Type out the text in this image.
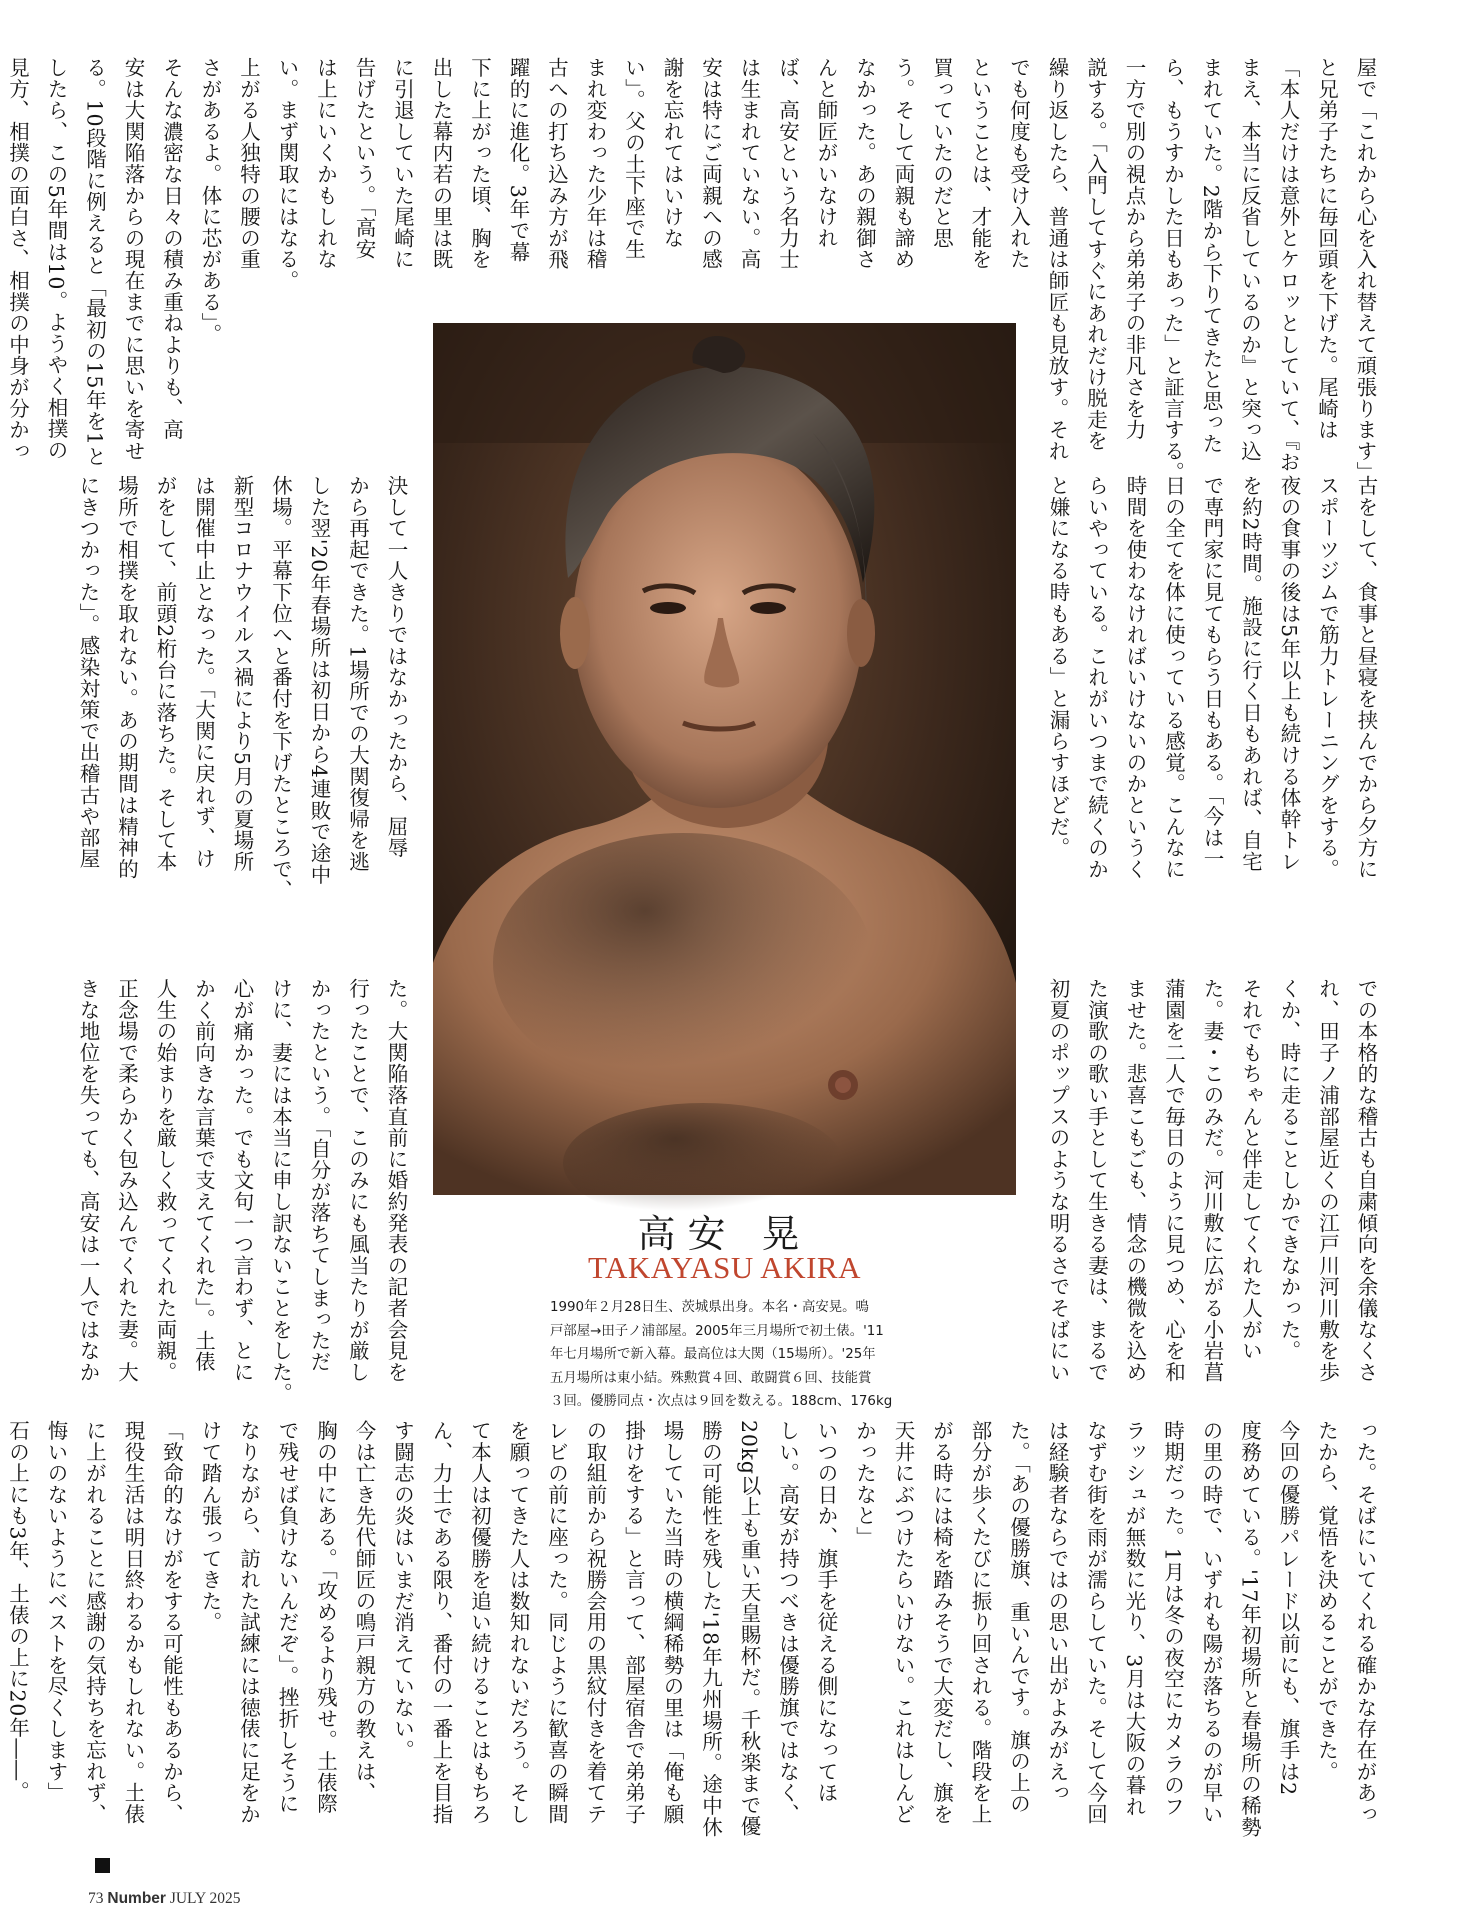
屋で「これから心を入れ替えて頑張ります」
と兄弟子たちに毎回頭を下げた。尾崎は
「本人だけは意外とケロッとしていて、『お
まえ、本当に反省しているのか』と突っ込
まれていた。2階から下りてきたと思った
ら、もうすかした日もあった」と証言する。
一方で別の視点から弟弟子の非凡さを力
説する。「入門してすぐにあれだけ脱走を
繰り返したら、普通は師匠も見放す。それ
でも何度も受け入れた
ということは、才能を
買っていたのだと思
う。そして両親も諦め
なかった。あの親御さ
んと師匠がいなけれ
ば、高安という名力士
は生まれていない。高
安は特にご両親への感
謝を忘れてはいけな
い」。父の土下座で生
まれ変わった少年は稽
古への打ち込み方が飛
躍的に進化。3年で幕
下に上がった頃、胸を
出した幕内若の里は既
に引退していた尾崎に
告げたという。「高安
は上にいくかもしれな
い。まず関取にはなる。
上がる人独特の腰の重
さがあるよ。体に芯がある」。
そんな濃密な日々の積み重ねよりも、高
安は大関陥落からの現在までに思いを寄せ
る。10段階に例えると「最初の15年を1と
したら、この5年間は10。ようやく相撲の
見方、相撲の面白さ、相撲の中身が分かっ

古をして、食事と昼寝を挟んでから夕方に
スポーツジムで筋力トレーニングをする。
夜の食事の後は5年以上も続ける体幹トレ
を約2時間。施設に行く日もあれば、自宅
で専門家に見てもらう日もある。「今は一
日の全てを体に使っている感覚。こんなに
時間を使わなければいけないのかというく
らいやっている。これがいつまで続くのか
と嫌になる時もある」と漏らすほどだ。
決して一人きりではなかったから、屈辱
から再起できた。1場所での大関復帰を逃
した翌'20年春場所は初日から4連敗で途中
休場。平幕下位へと番付を下げたところで、
新型コロナウイルス禍により5月の夏場所
は開催中止となった。「大関に戻れず、け
がをして、前頭2桁台に落ちた。そして本
場所で相撲を取れない。あの期間は精神的
にきつかった」。感染対策で出稽古や部屋
での本格的な稽古も自粛傾向を余儀なくさ
れ、田子ノ浦部屋近くの江戸川河川敷を歩
くか、時に走ることしかできなかった。
それでもちゃんと伴走してくれた人がい
た。妻・このみだ。河川敷に広がる小岩菖
蒲園を二人で毎日のように見つめ、心を和
ませた。悲喜こもごも、情念の機微を込め
た演歌の歌い手として生きる妻は、まるで
初夏のポップスのような明るさでそばにい
た。大関陥落直前に婚約発表の記者会見を
行ったことで、このみにも風当たりが厳し
かったという。「自分が落ちてしまっただ
けに、妻には本当に申し訳ないことをした。
心が痛かった。でも文句一つ言わず、とに
かく前向きな言葉で支えてくれた」。土俵
人生の始まりを厳しく救ってくれた両親。
正念場で柔らかく包み込んでくれた妻。大
きな地位を失っても、高安は一人ではなか
った。そばにいてくれる確かな存在があっ
たから、覚悟を決めることができた。
今回の優勝パレード以前にも、旗手は2
度務めている。'17年初場所と春場所の稀勢
の里の時で、いずれも陽が落ちるのが早い
時期だった。1月は冬の夜空にカメラのフ
ラッシュが無数に光り、3月は大阪の暮れ
なずむ街を雨が濡らしていた。そして今回
は経験者ならではの思い出がよみがえっ
た。「あの優勝旗、重いんです。旗の上の
部分が歩くたびに振り回される。階段を上
がる時には椅を踏みそうで大変だし、旗を
天井にぶつけたらいけない。これはしんど
かったなと」
いつの日か、旗手を従える側になってほ
しい。高安が持つべきは優勝旗ではなく、
20kg以上も重い天皇賜杯だ。千秋楽まで優
勝の可能性を残した'18年九州場所。途中休
場していた当時の横綱稀勢の里は「俺も願
掛けをする」と言って、部屋宿舎で弟弟子
の取組前から祝勝会用の黒紋付きを着てテ
レビの前に座った。同じように歓喜の瞬間
を願ってきた人は数知れないだろう。そし
て本人は初優勝を追い続けることはもちろ
ん、力士である限り、番付の一番上を目指
す闘志の炎はいまだ消えていない。
今は亡き先代師匠の鳴戸親方の教えは、
胸の中にある。「攻めるより残せ。土俵際
で残せば負けないんだぞ」。挫折しそうに
なりながら、訪れた試練には徳俵に足をか
けて踏ん張ってきた。
「致命的なけがをする可能性もあるから、
現役生活は明日終わるかもしれない。土俵
に上がれることに感謝の気持ちを忘れず、
悔いのないようにベストを尽くします」
石の上にも3年、土俵の上に20年――。

高安 晃
TAKAYASU AKIRA
1990年２月28日生、茨城県出身。本名・高安晃。鳴
戸部屋→田子ノ浦部屋。2005年三月場所で初土俵。'11
年七月場所で新入幕。最高位は大関（15場所）。'25年
五月場所は東小結。殊勲賞４回、敢闘賞６回、技能賞
３回。優勝同点・次点は９回を数える。188cm、176kg
73 Number JULY 2025
